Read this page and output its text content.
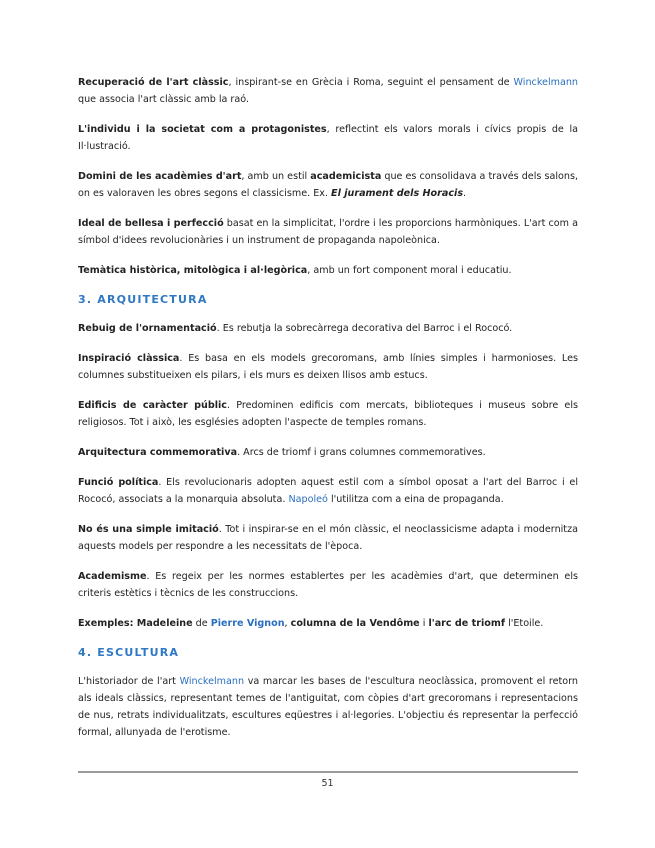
Recuperació de l'art clàssic, inspirant-se en Grècia i Roma, seguint el pensament de Winckelmann que associa l'art clàssic amb la raó.

L'individu i la societat com a protagonistes, reflectint els valors morals i cívics propis de la Il·lustració.

Domini de les acadèmies d'art, amb un estil academicista que es consolidava a través dels salons, on es valoraven les obres segons el classicisme. Ex. El jurament dels Horacis.

Ideal de bellesa i perfecció basat en la simplicitat, l'ordre i les proporcions harmòniques. L'art com a símbol d'idees revolucionàries i un instrument de propaganda napoleònica.

Temàtica històrica, mitològica i al·legòrica, amb un fort component moral i educatiu.

3. ARQUITECTURA

Rebuig de l'ornamentació. Es rebutja la sobrecàrrega decorativa del Barroc i el Rococó.

Inspiració clàssica. Es basa en els models grecoromans, amb línies simples i harmonioses. Les columnes substitueixen els pilars, i els murs es deixen llisos amb estucs.

Edificis de caràcter públic. Predominen edificis com mercats, biblioteques i museus sobre els religiosos. Tot i això, les esglésies adopten l'aspecte de temples romans.

Arquitectura commemorativa. Arcs de triomf i grans columnes commemoratives.

Funció política. Els revolucionaris adopten aquest estil com a símbol oposat a l'art del Barroc i el Rococó, associats a la monarquia absoluta. Napoleó l'utilitza com a eina de propaganda.

No és una simple imitació. Tot i inspirar-se en el món clàssic, el neoclassicisme adapta i modernitza aquests models per respondre a les necessitats de l'època.

Academisme. Es regeix per les normes establertes per les acadèmies d'art, que determinen els criteris estètics i tècnics de les construccions.

Exemples: Madeleine de Pierre Vignon, columna de la Vendôme i l'arc de triomf l'Etoile.

4. ESCULTURA

L'historiador de l'art Winckelmann va marcar les bases de l'escultura neoclàssica, promovent el retorn als ideals clàssics, representant temes de l'antiguitat, com còpies d'art grecoromans i representacions de nus, retrats individualitzats, escultures eqüestres i al·legories. L'objectiu és representar la perfecció formal, allunyada de l'erotisme.

51
